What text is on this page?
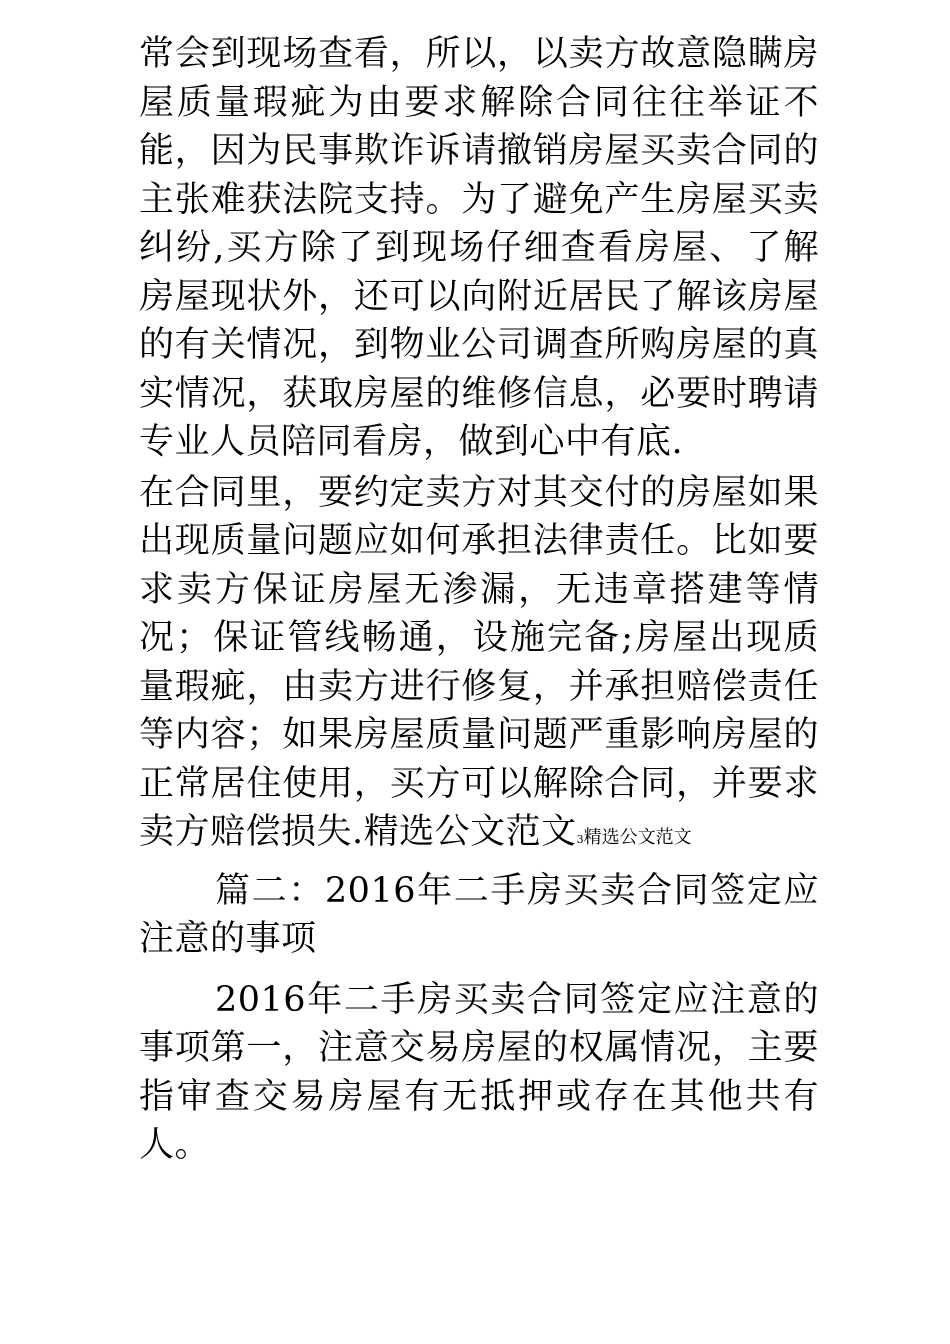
常会到现场查看，所以，以卖方故意隐瞒房屋质量瑕疵为由要求解除合同往往举证不能，因为民事欺诈诉请撤销房屋买卖合同的主张难获法院支持。为了避免产生房屋买卖纠纷,买方除了到现场仔细查看房屋、了解房屋现状外，还可以向附近居民了解该房屋的有关情况，到物业公司调查所购房屋的真实情况，获取房屋的维修信息，必要时聘请专业人员陪同看房，做到心中有底.

在合同里，要约定卖方对其交付的房屋如果出现质量问题应如何承担法律责任。比如要求卖方保证房屋无渗漏，无违章搭建等情况；保证管线畅通，设施完备;房屋出现质量瑕疵，由卖方进行修复，并承担赔偿责任等内容；如果房屋质量问题严重影响房屋的正常居住使用，买方可以解除合同，并要求卖方赔偿损失.精选公文范文3精选公文范文

篇二：2016年二手房买卖合同签定应注意的事项

2016年二手房买卖合同签定应注意的事项第一，注意交易房屋的权属情况，主要指审查交易房屋有无抵押或存在其他共有人。
